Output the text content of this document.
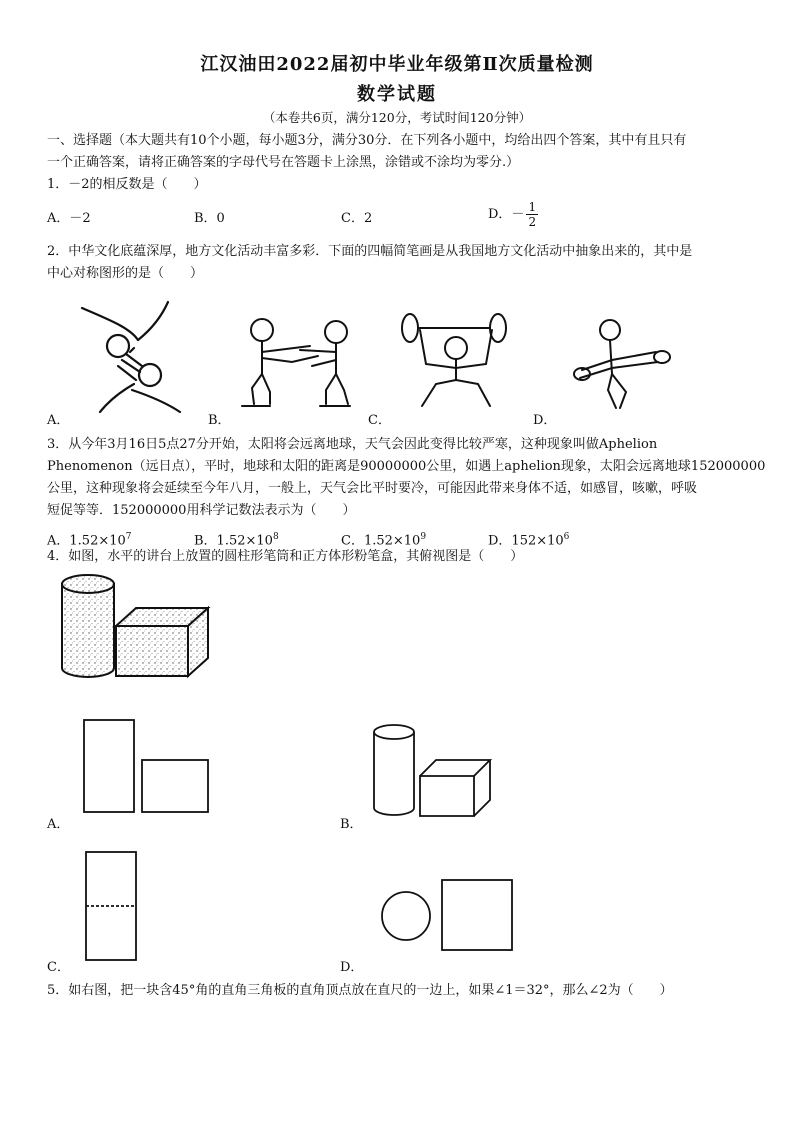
江汉油田2022届初中毕业年级第Ⅱ次质量检测
数学试题
（本卷共6页，满分120分，考试时间120分钟）
一、选择题（本大题共有10个小题，每小题3分，满分30分．在下列各小题中，均给出四个答案，其中有且只有
一个正确答案，请将正确答案的字母代号在答题卡上涂黑，涂错或不涂均为零分.）
1．－2的相反数是（　　）
A．－2	B．0	C．2	D．－ $\frac{1}{2}$
2．中华文化底蕴深厚，地方文化活动丰富多彩．下面的四幅简笔画是从我国地方文化活动中抽象出来的，其中是
中心对称图形的是（　　）
A．	B．	C．	D．
3．从今年3月16日5点27分开始，太阳将会远离地球，天气会因此变得比较严寒，这种现象叫做Aphelion
Phenomenon（远日点），平时，地球和太阳的距离是90000000公里，如遇上aphelion现象，太阳会远离地球152000000
公里，这种现象将会延续至今年八月，一般上，天气会比平时要冷，可能因此带来身体不适，如感冒，咳嗽，呼吸
短促等等．152000000用科学记数法表示为（　　）
A．$1.52\times 10^7$	B．$1.52\times 10^8$	C．$1.52\times 10^9$	D．$152\times 10^6$
4．如图，水平的讲台上放置的圆柱形笔筒和正方体形粉笔盒，其俯视图是（　　）
A．	B．
C．	D．
5．如右图，把一块含45°角的直角三角板的直角顶点放在直尺的一边上，如果∠1＝32°，那么∠2为（　　）
